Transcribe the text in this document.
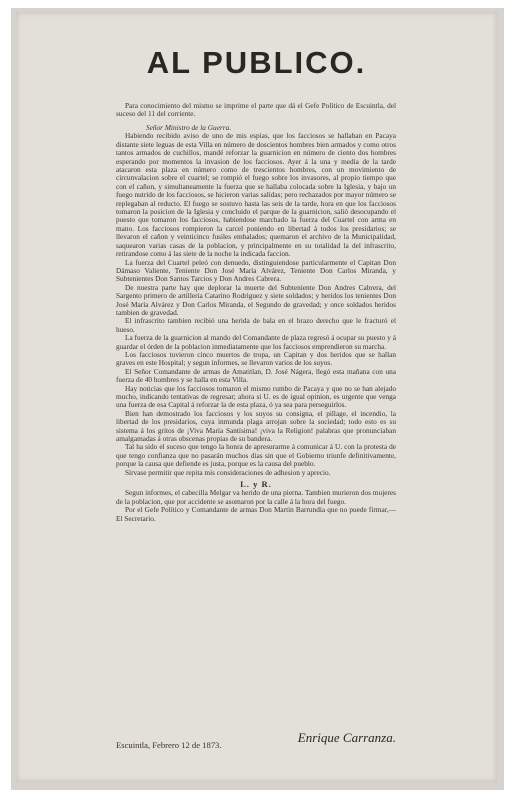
AL PUBLICO.

Para conocimiento del mismo se imprime el parte que dá el Gefe Político de Escuintla, del suceso del 11 del corriente.

Señor Ministro de la Guerra.

Habiendo recibido aviso de uno de mis espias, que los facciosos se hallaban en Pacaya distante siete leguas de esta Villa en número de doscientos hombres bien armados y como otros tantos armados de cuchillos, mandé reforzar la guarnicion en número de ciento dos hombres esperando por momentos la invasion de los facciosos. Ayer á la una y media de la tarde atacaron esta plaza en número como de trescientos hombres, con un movimiento de circunvalacion sobre el cuartel; se rompió el fuego sobre los invasores, al propio tiempo que con el cañon, y simultaneamente la fuerza que se hallaba colocada sobre la Iglesia, y bajo un fuego nutrido de los facciosos, se hicieron varias salidas; pero rechazados por mayor número se replegaban al reducto. El fuego se sostuvo hasta las seis de la tarde, hora en que los facciosos tomaron la posicion de la Iglesia y concluido el parque de la guarnicion, salió desocupando el puesto que tomaron los facciosos, habiendose marchado la fuerza del Cuartel con arma en mano. Los facciosos rompieron la carcel poniendo en libertad á todos los presidarios; se llevaron el cañon y veinticinco fusiles embalados; quemaron el archivo de la Municipalidad, saquearon varias casas de la poblacion, y principalmente en su totalidad la del infrascrito, retirandose como á las siete de la noche la indicada faccion.

La fuerza del Cuartel peleó con denuedo, distinguiendose particularmente el Capitan Don Dámaso Valiente, Teniente Don José María Alvárez, Teniente Don Carlos Miranda, y Subtenientes Don Santos Tarcios y Don Andres Cabrera.

De nuestra parte hay que deplorar la muerte del Subteniente Don Andres Cabrera, del Sargento primero de artilleria Catarino Rodriguez y siete soldados; y heridos los tenientes Don José María Alvárez y Don Carlos Miranda, el Segundo de gravedad; y once soldados heridos tambien de gravedad.

El infrascrito tambien recibió una herida de bala en el brazo derecho que le fracturó el hueso.

La fuerza de la guarnicion al mando del Comandante de plaza regresó á ocupar su puesto y á guardar el órden de la poblacion inmediatamente que los facciosos emprendieron su marcha.

Los facciosos tuvieron cinco muertos de tropa, un Capitan y dos heridos que se hallan graves en este Hospital; y segun informes, se llevaron varios de los suyos.

El Señor Comandante de armas de Amatitlan, D. José Nágera, llegó esta mañana con una fuerza de 40 hombres y se halla en esta Villa.

Hay noticias que los facciosos tomaron el mismo rumbo de Pacaya y que no se han alejado mucho, indicando tentativas de regresar; ahora si U. es de igual opinion, es urgente que venga una fuerza de esa Capital á reforzar la de esta plaza, ó ya sea para perseguirlos.

Bien han demostrado los facciosos y los suyos su consigna, el pillage, el incendio, la libertad de los presidarios, cuya inmunda plaga arrojan sobre la sociedad; todo esto es su sistema á los gritos de ¡Viva María Santísima! ¡viva la Religion! palabras que pronunciaban amalgamadas á otras obscenas propias de su bandera.

Tal ha sido el suceso que tengo la honra de apresurarme á comunicar á U. con la protesta de que tengo confianza que no pasarán muchos dias sin que el Gobierno triunfe definitivamente, porque la causa que defiende es justa, porque es la causa del pueblo.

Sírvase permitir que repita mis consideraciones de adhesion y aprecio.

L. y R.

Segun informes, el cabecilla Melgar va herido de una pierna. Tambien murieron dos mujeres de la poblacion, que por accidente se asomaron por la calle á la hora del fuego.

Por el Gefe Político y Comandante de armas Don Martin Barrundia que no puede firmar,— El Secretario.

Escuintla, Febrero 12 de 1873.	Enrique Carranza.
